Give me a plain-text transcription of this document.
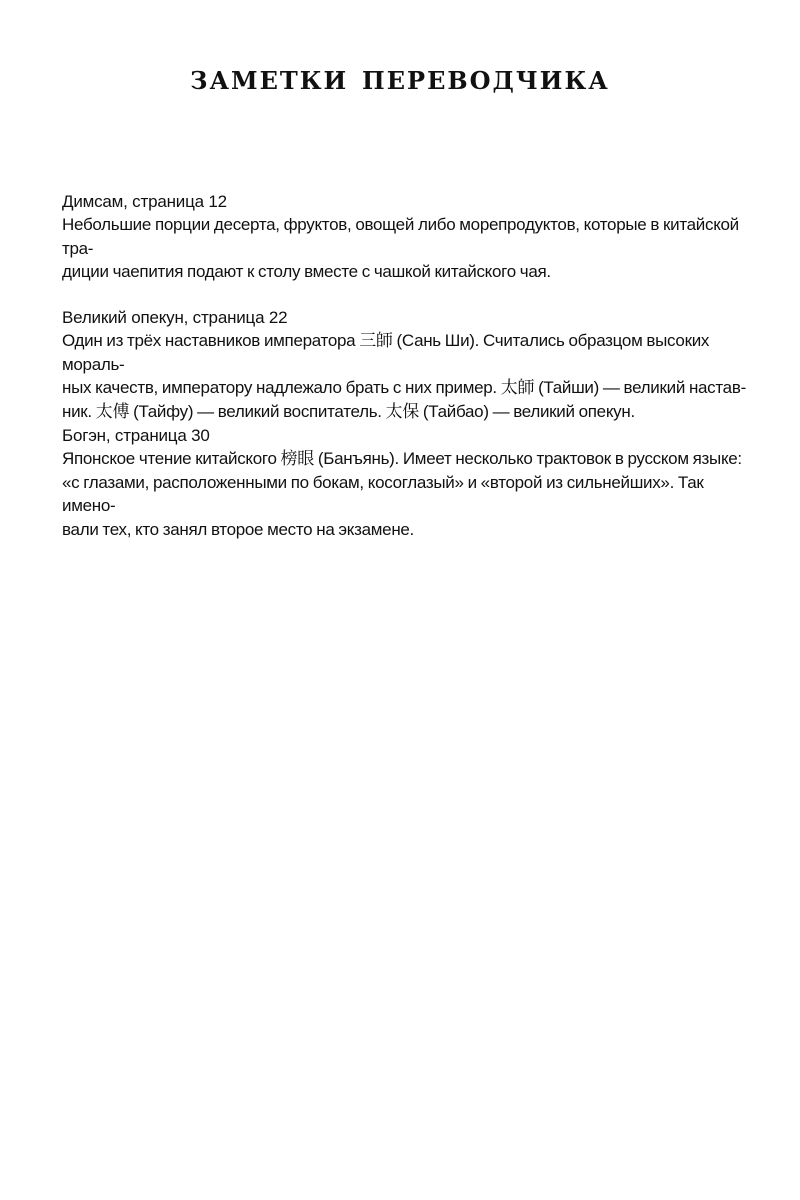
заметки переводчика

Димсам, страница 12

Небольшие порции десерта, фруктов, овощей либо морепродуктов, которые в китайской тра-
диции чаепития подают к столу вместе с чашкой китайского чая.

Великий опекун, страница 22

Один из трёх наставников императора 三師 (Сань Ши). Считались образцом высоких мораль-
ных качеств, императору надлежало брать с них пример. 太師 (Тайши) — великий настав-
ник. 太傅 (Тайфу) — великий воспитатель. 太保 (Тайбао) — великий опекун.

Богэн, страница 30

Японское чтение китайского 榜眼 (Банъянь). Имеет несколько трактовок в русском языке:
«с глазами, расположенными по бокам, косоглазый» и «второй из сильнейших». Так имено-
вали тех, кто занял второе место на экзамене.
